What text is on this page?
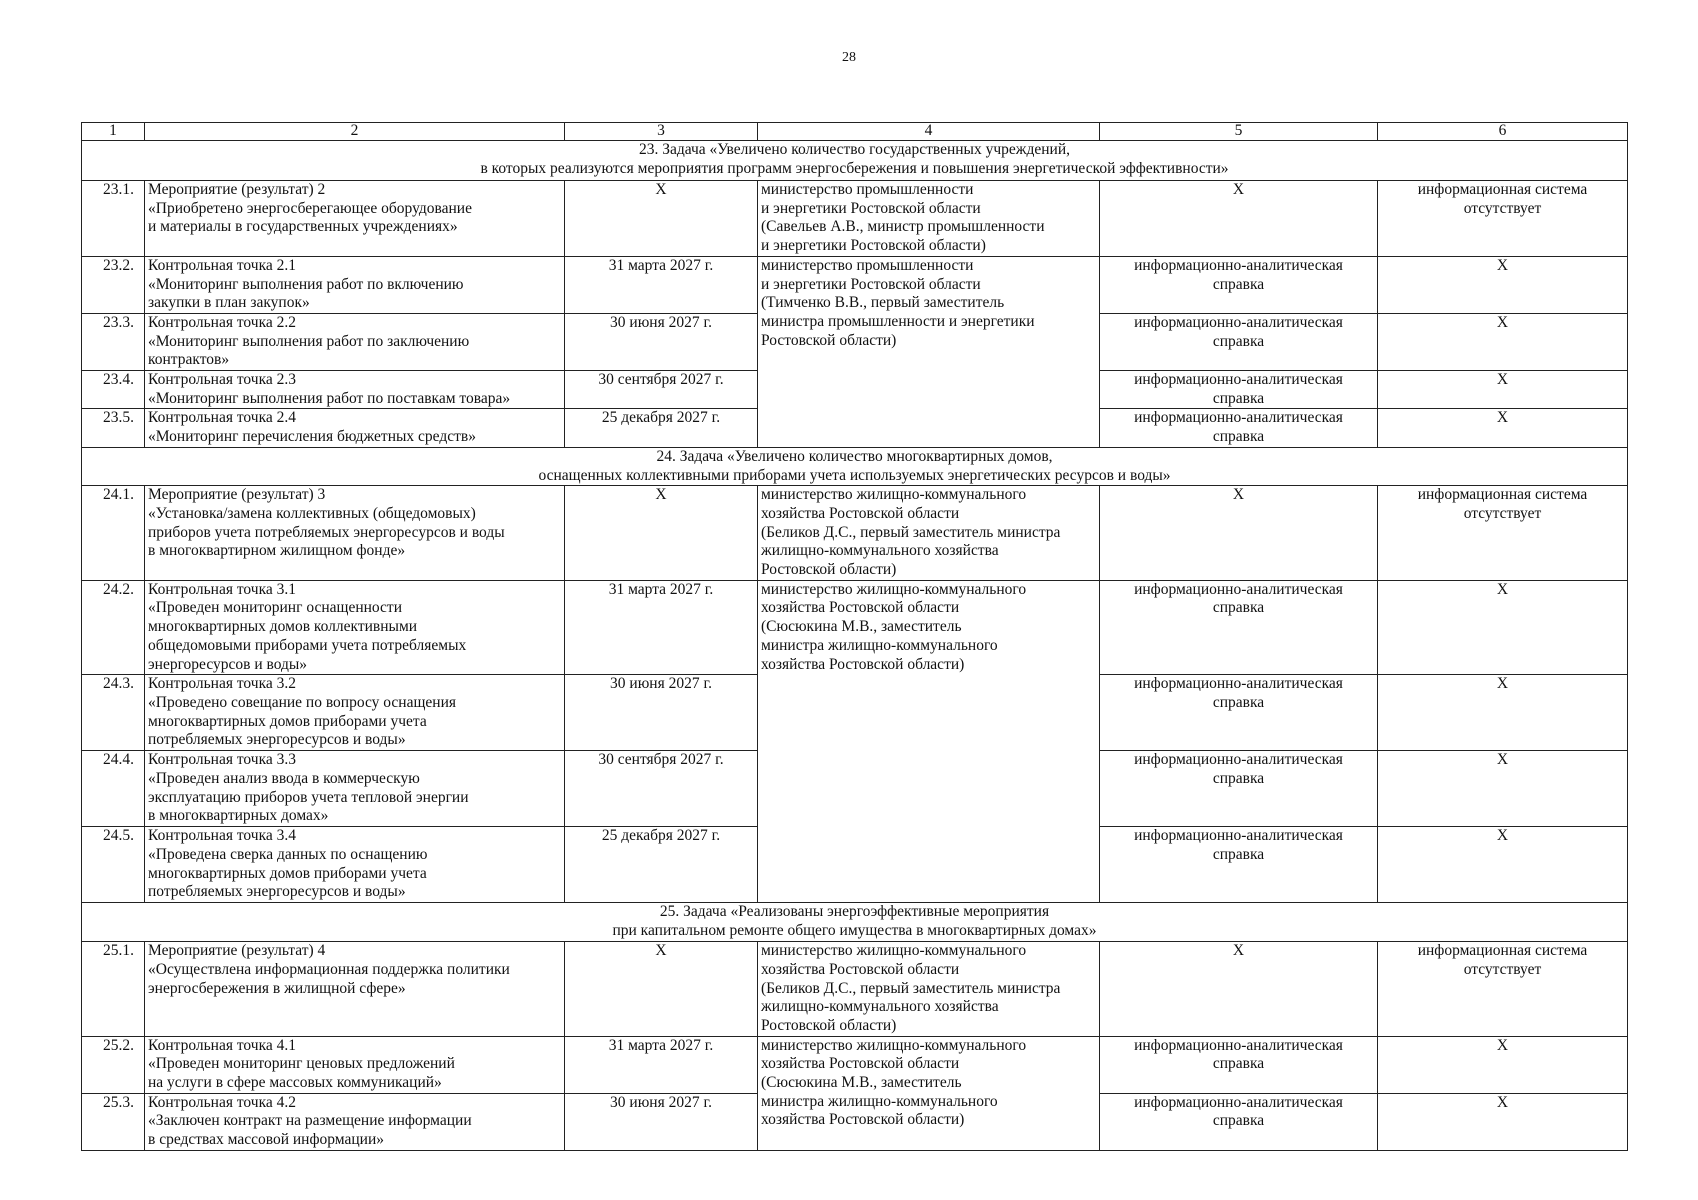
28
1	2	3	4	5	6
23. Задача «Увеличено количество государственных учреждений,
в которых реализуются мероприятия программ энергосбережения и повышения энергетической эффективности»					
23.1.	Мероприятие (результат) 2
«Приобретено энергосберегающее оборудование
и материалы в государственных учреждениях»	Х	министерство промышленности
и энергетики Ростовской области
(Савельев А.В., министр промышленности
и энергетики Ростовской области)	Х	информационная система
отсутствует
23.2.	Контрольная точка 2.1
«Мониторинг выполнения работ по включению
закупки в план закупок»	31 марта 2027 г.	министерство промышленности
и энергетики Ростовской области
(Тимченко В.В., первый заместитель
министра промышленности и энергетики
Ростовской области)	информационно-аналитическая
справка	Х
23.3.	Контрольная точка 2.2
«Мониторинг выполнения работ по заключению
контрактов»	30 июня 2027 г.		информационно-аналитическая
справка	Х
23.4.	Контрольная точка 2.3
«Мониторинг выполнения работ по поставкам товара»	30 сентября 2027 г.		информационно-аналитическая
справка	Х
23.5.	Контрольная точка 2.4
«Мониторинг перечисления бюджетных средств»	25 декабря 2027 г.		информационно-аналитическая
справка	Х
24. Задача «Увеличено количество многоквартирных домов,
оснащенных коллективными приборами учета используемых энергетических ресурсов и воды»					
24.1.	Мероприятие (результат) 3
«Установка/замена коллективных (общедомовых)
приборов учета потребляемых энергоресурсов и воды
в многоквартирном жилищном фонде»	Х	министерство жилищно-коммунального
хозяйства Ростовской области
(Беликов Д.С., первый заместитель министра
жилищно-коммунального хозяйства
Ростовской области)	Х	информационная система
отсутствует
24.2.	Контрольная точка 3.1
«Проведен мониторинг оснащенности
многоквартирных домов коллективными
общедомовыми приборами учета потребляемых
энергоресурсов и воды»	31 марта 2027 г.	министерство жилищно-коммунального
хозяйства Ростовской области
(Сюсюкина М.В., заместитель
министра жилищно-коммунального
хозяйства Ростовской области)	информационно-аналитическая
справка	Х
24.3.	Контрольная точка 3.2
«Проведено совещание по вопросу оснащения
многоквартирных домов приборами учета
потребляемых энергоресурсов и воды»	30 июня 2027 г.		информационно-аналитическая
справка	Х
24.4.	Контрольная точка 3.3
«Проведен анализ ввода в коммерческую
эксплуатацию приборов учета тепловой энергии
в многоквартирных домах»	30 сентября 2027 г.		информационно-аналитическая
справка	Х
24.5.	Контрольная точка 3.4
«Проведена сверка данных по оснащению
многоквартирных домов приборами учета
потребляемых энергоресурсов и воды»	25 декабря 2027 г.		информационно-аналитическая
справка	Х
25. Задача «Реализованы энергоэффективные мероприятия
при капитальном ремонте общего имущества в многоквартирных домах»					
25.1.	Мероприятие (результат) 4
«Осуществлена информационная поддержка политики
энергосбережения в жилищной сфере»	Х	министерство жилищно-коммунального
хозяйства Ростовской области
(Беликов Д.С., первый заместитель министра
жилищно-коммунального хозяйства
Ростовской области)	Х	информационная система
отсутствует
25.2.	Контрольная точка 4.1
«Проведен мониторинг ценовых предложений
на услуги в сфере массовых коммуникаций»	31 марта 2027 г.	министерство жилищно-коммунального
хозяйства Ростовской области
(Сюсюкина М.В., заместитель
министра жилищно-коммунального
хозяйства Ростовской области)	информационно-аналитическая
справка	Х
25.3.	Контрольная точка 4.2
«Заключен контракт на размещение информации
в средствах массовой информации»	30 июня 2027 г.		информационно-аналитическая
справка	Х
